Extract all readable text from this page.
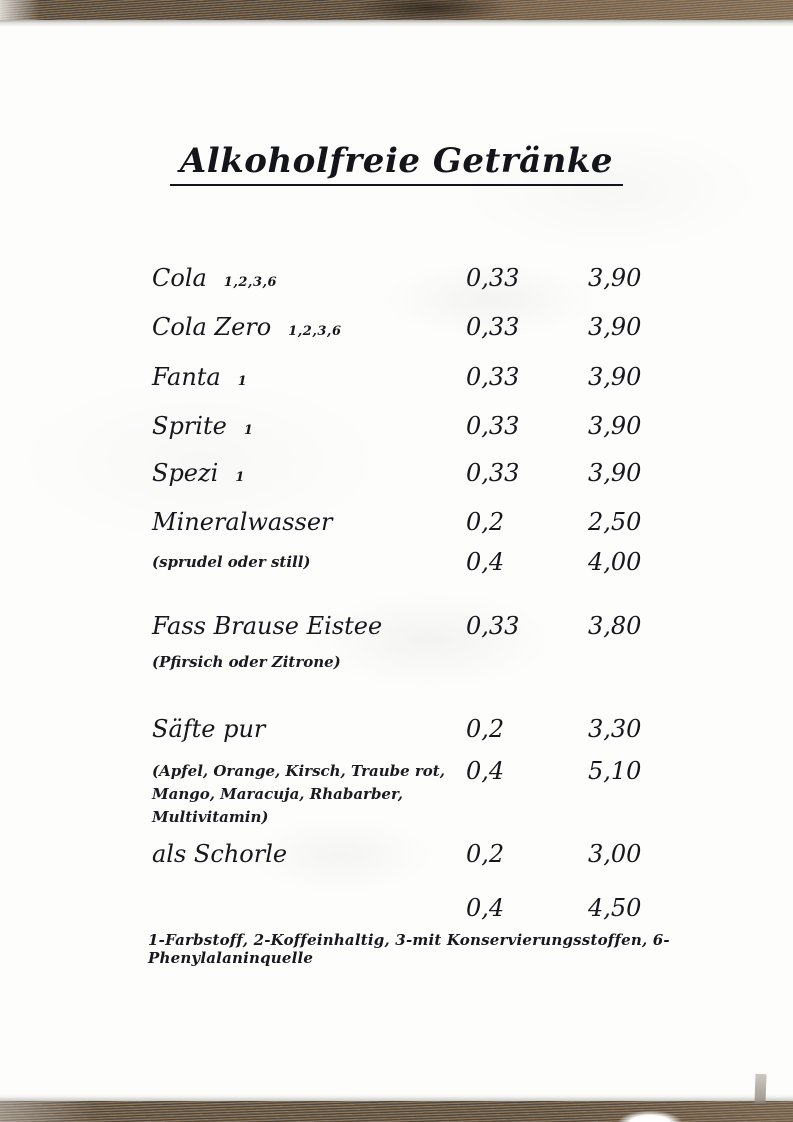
Alkoholfreie Getränke
Cola 1,2,3,6	0,33	3,90
Cola Zero 1,2,3,6	0,33	3,90
Fanta 1	0,33	3,90
Sprite 1	0,33	3,90
Spezi 1	0,33	3,90
Mineralwasser	0,2	2,50
(sprudel oder still)	0,4	4,00
Fass Brause Eistee	0,33	3,80
(Pfirsich oder Zitrone)
Säfte pur	0,2	3,30
(Apfel, Orange, Kirsch, Traube rot, Mango, Maracuja, Rhabarber, Multivitamin)
0,4	5,10
als Schorle	0,2	3,00
0,4	4,50
1-Farbstoff, 2-Koffeinhaltig, 3-mit Konservierungsstoffen, 6-Phenylalaninquelle
